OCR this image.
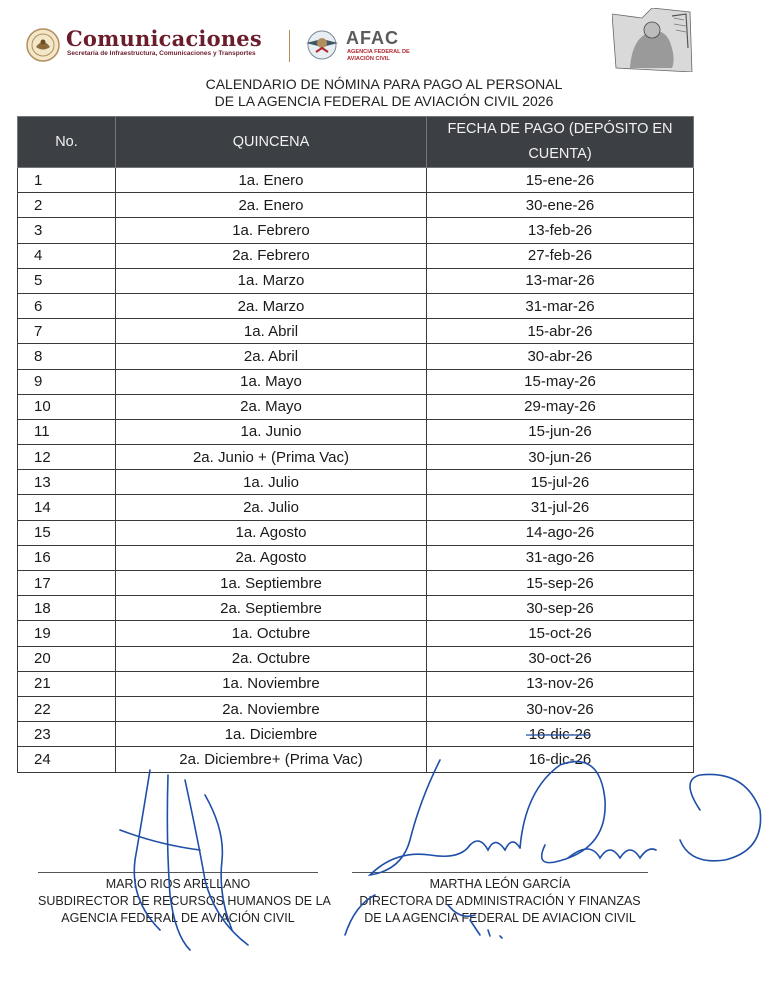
Comunicaciones
Secretaría de Infraestructura, Comunicaciones y Transportes
AFAC
AGENCIA FEDERAL DE AVIACIÓN CIVIL
CALENDARIO DE NÓMINA PARA PAGO AL PERSONAL
DE LA AGENCIA FEDERAL DE AVIACIÓN CIVIL 2026
No.	QUINCENA	FECHA DE PAGO (DEPÓSITO EN CUENTA)
1	1a. Enero	15-ene-26
2	2a. Enero	30-ene-26
3	1a. Febrero	13-feb-26
4	2a. Febrero	27-feb-26
5	1a. Marzo	13-mar-26
6	2a. Marzo	31-mar-26
7	1a. Abril	15-abr-26
8	2a. Abril	30-abr-26
9	1a. Mayo	15-may-26
10	2a. Mayo	29-may-26
11	1a. Junio	15-jun-26
12	2a. Junio + (Prima Vac)	30-jun-26
13	1a. Julio	15-jul-26
14	2a. Julio	31-jul-26
15	1a. Agosto	14-ago-26
16	2a. Agosto	31-ago-26
17	1a. Septiembre	15-sep-26
18	2a. Septiembre	30-sep-26
19	1a. Octubre	15-oct-26
20	2a. Octubre	30-oct-26
21	1a. Noviembre	13-nov-26
22	2a. Noviembre	30-nov-26
23	1a. Diciembre	16-dic-26
24	2a. Diciembre+ (Prima Vac)	16-dic-26
MARIO RIOS ARELLANO
SUBDIRECTOR DE RECURSOS HUMANOS DE LA
AGENCIA FEDERAL DE AVIACIÓN CIVIL
MARTHA LEÓN GARCÍA
DIRECTORA DE ADMINISTRACIÓN Y FINANZAS
DE LA AGENCIA FEDERAL DE AVIACION CIVIL
